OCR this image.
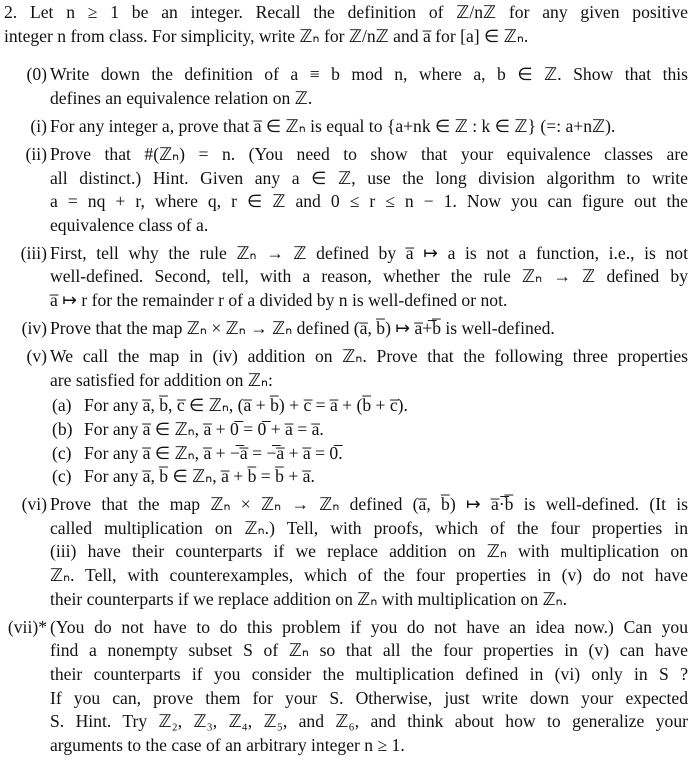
2. Let n ≥ 1 be an integer. Recall the definition of ℤ/nℤ for any given positive
integer n from class. For simplicity, write ℤₙ for ℤ/nℤ and a̅ for [a] ∈ ℤₙ.
(0) Write down the definition of a ≡ b mod n, where a, b ∈ ℤ. Show that this
defines an equivalence relation on ℤ.
(i) For any integer a, prove that a̅ ∈ ℤₙ is equal to {a+nk ∈ ℤ : k ∈ ℤ} (=: a+nℤ).
(ii) Prove that #(ℤₙ) = n. (You need to show that your equivalence classes are
all distinct.) Hint. Given any a ∈ ℤ, use the long division algorithm to write
a = nq + r, where q, r ∈ ℤ and 0 ≤ r ≤ n − 1. Now you can figure out the
equivalence class of a.
(iii) First, tell why the rule ℤₙ → ℤ defined by a̅ ↦ a is not a function, i.e., is not
well-defined. Second, tell, with a reason, whether the rule ℤₙ → ℤ defined by
a̅ ↦ r for the remainder r of a divided by n is well-defined or not.
(iv) Prove that the map ℤₙ × ℤₙ → ℤₙ defined (a̅, b̅) ↦ a̅+̅b̅ is well-defined.
(v) We call the map in (iv) addition on ℤₙ. Prove that the following three properties
are satisfied for addition on ℤₙ:
(a) For any a̅, b̅, c̅ ∈ ℤₙ, (a̅ + b̅) + c̅ = a̅ + (b̅ + c̅).
(b) For any a̅ ∈ ℤₙ, a̅ + 0̅ = 0̅ + a̅ = a̅.
(c) For any a̅ ∈ ℤₙ, a̅ + −̅a̅ = −̅a̅ + a̅ = 0̅.
(c) For any a̅, b̅ ∈ ℤₙ, a̅ + b̅ = b̅ + a̅.
(vi) Prove that the map ℤₙ × ℤₙ → ℤₙ defined (a̅, b̅) ↦ a̅·̅b̅ is well-defined. (It is
called multiplication on ℤₙ.) Tell, with proofs, which of the four properties in
(iii) have their counterparts if we replace addition on ℤₙ with multiplication on
ℤₙ. Tell, with counterexamples, which of the four properties in (v) do not have
their counterparts if we replace addition on ℤₙ with multiplication on ℤₙ.
(vii)* (You do not have to do this problem if you do not have an idea now.) Can you
find a nonempty subset S of ℤₙ so that all the four properties in (v) can have
their counterparts if you consider the multiplication defined in (vi) only in S ?
If you can, prove them for your S. Otherwise, just write down your expected
S. Hint. Try ℤ₂, ℤ₃, ℤ₄, ℤ₅, and ℤ₆, and think about how to generalize your
arguments to the case of an arbitrary integer n ≥ 1.
